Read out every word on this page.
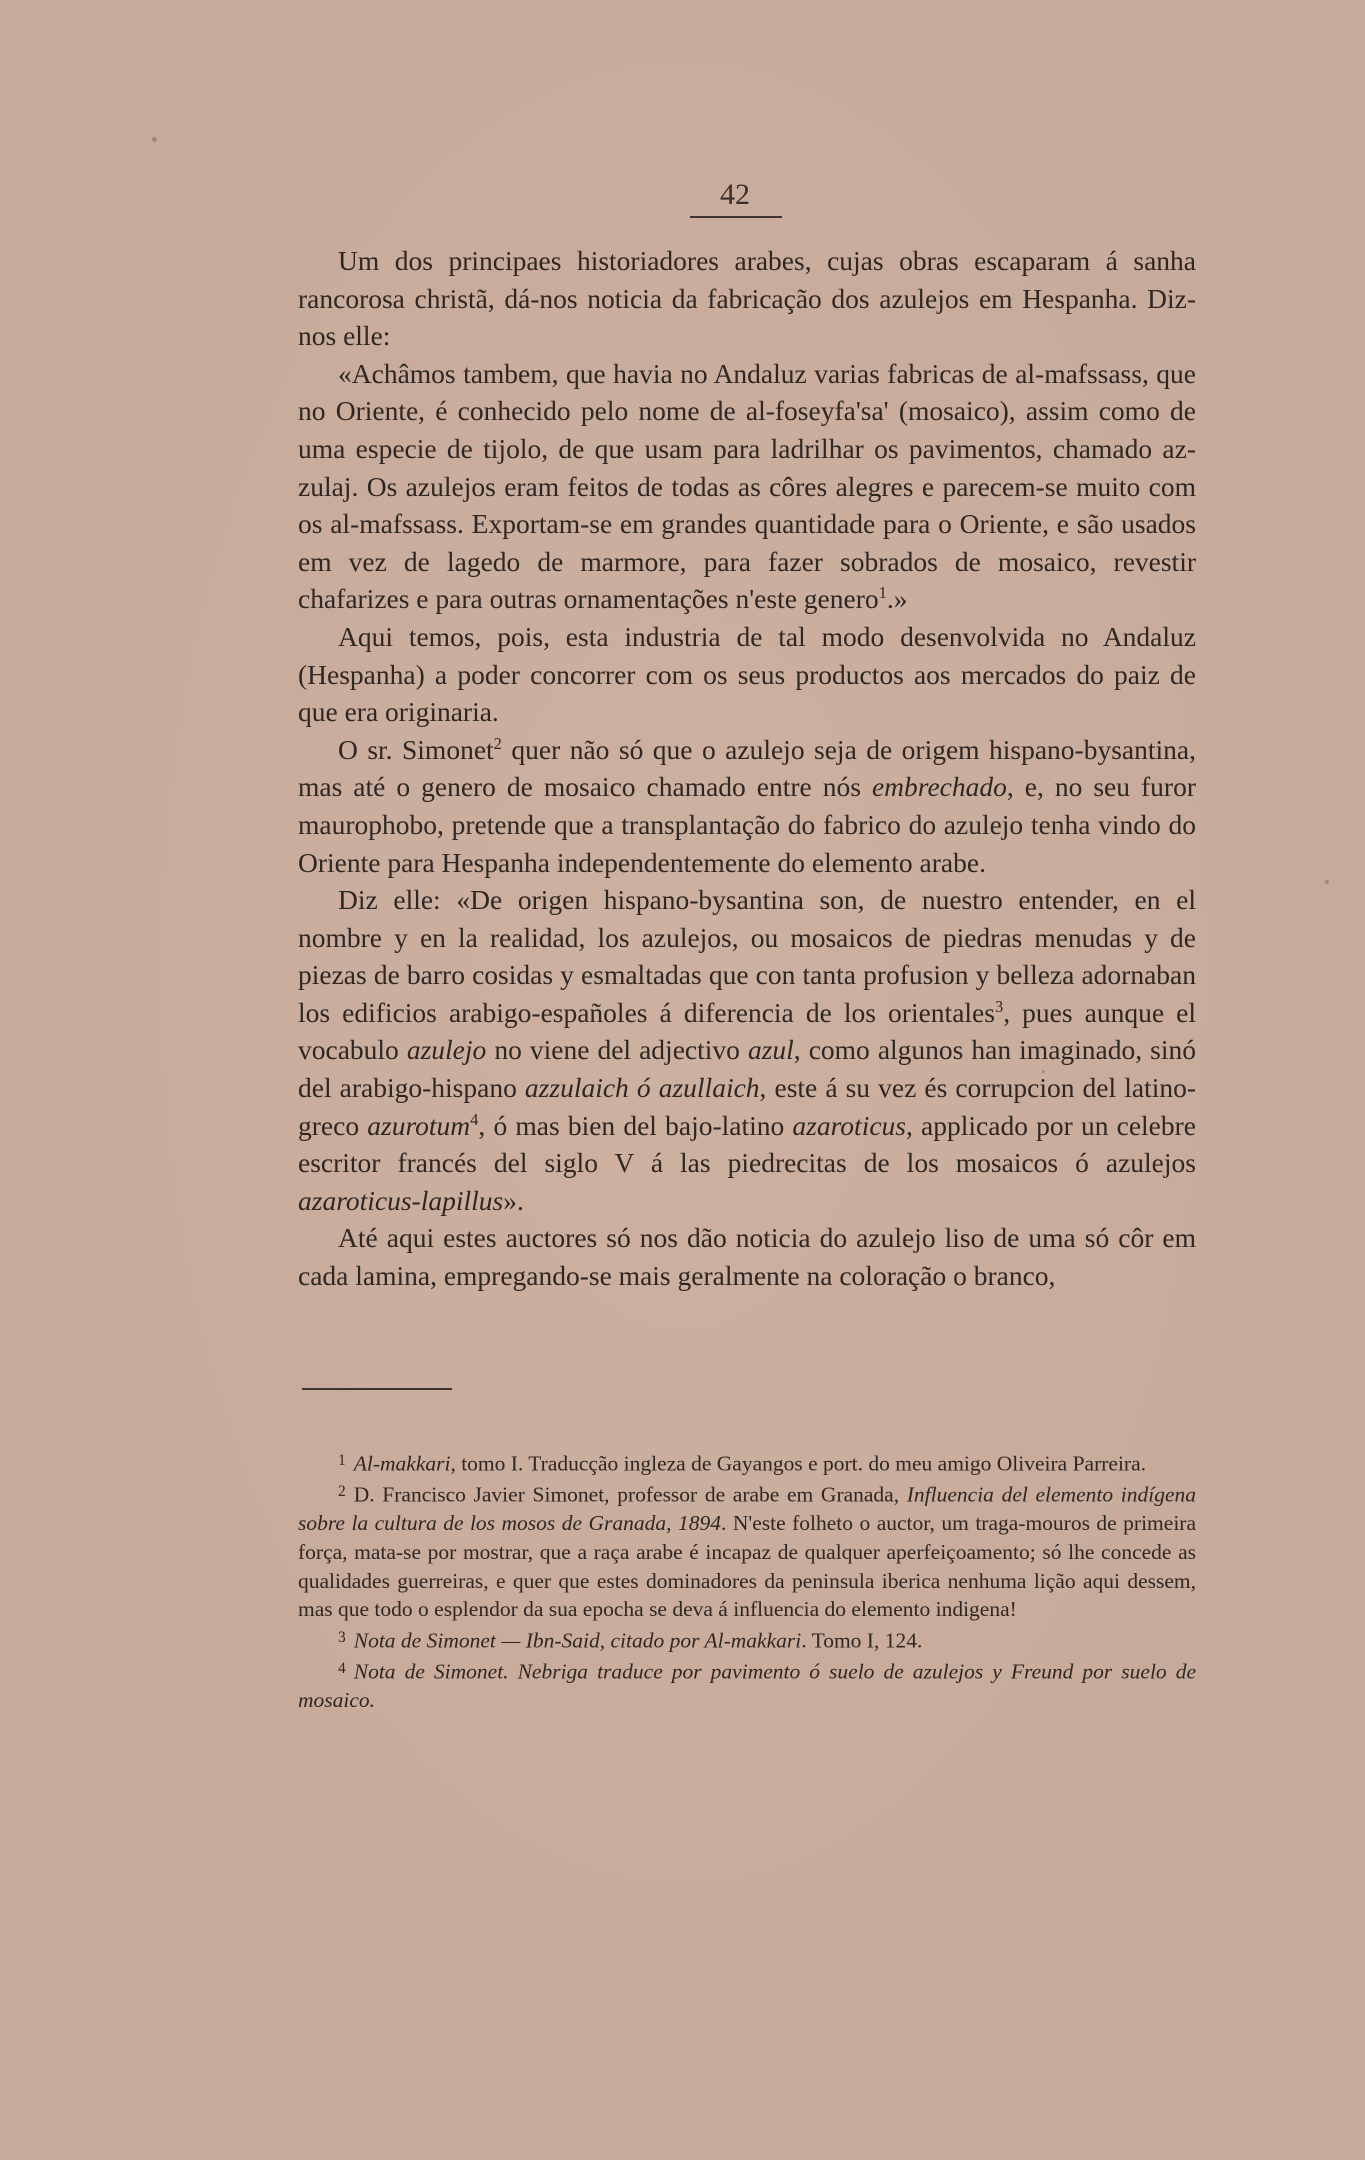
42

Um dos principaes historiadores arabes, cujas obras escaparam á sanha rancorosa christã, dá-nos noticia da fabricação dos azulejos em Hespanha. Diz-nos elle:

«Achâmos tambem, que havia no Andaluz varias fabricas de al-mafssass, que no Oriente, é conhecido pelo nome de al-foseyfa'sa' (mosaico), assim como de uma especie de tijolo, de que usam para ladrilhar os pavimentos, chamado az-zulaj. Os azulejos eram feitos de todas as côres alegres e parecem-se muito com os al-mafssass. Exportam-se em grandes quantidade para o Oriente, e são usados em vez de lagedo de marmore, para fazer sobrados de mosaico, revestir chafarizes e para outras ornamentações n'este genero$^1$.»

Aqui temos, pois, esta industria de tal modo desenvolvida no Andaluz (Hespanha) a poder concorrer com os seus productos aos mercados do paiz de que era originaria.

O sr. Simonet$^2$ quer não só que o azulejo seja de origem hispano-bysantina, mas até o genero de mosaico chamado entre nós embrechado, e, no seu furor maurophobo, pretende que a transplantação do fabrico do azulejo tenha vindo do Oriente para Hespanha independentemente do elemento arabe.

Diz elle: «De origen hispano-bysantina son, de nuestro entender, en el nombre y en la realidad, los azulejos, ou mosaicos de piedras menudas y de piezas de barro cosidas y esmaltadas que con tanta profusion y belleza adornaban los edificios arabigo-españoles á diferencia de los orientales$^3$, pues aunque el vocabulo azulejo no viene del adjectivo azul, como algunos han imaginado, sinó del arabigo-hispano azzulaich ó azullaich, este á su vez és corrupcion del latino-greco azurotum$^4$, ó mas bien del bajo-latino azaroticus, applicado por un celebre escritor francés del siglo V á las piedrecitas de los mosaicos ó azulejos azaroticus-lapillus».

Até aqui estes auctores só nos dão noticia do azulejo liso de uma só côr em cada lamina, empregando-se mais geralmente na coloração o branco,

$^1$ Al-makkari, tomo I. Traducção ingleza de Gayangos e port. do meu amigo Oliveira Parreira.

$^2$ D. Francisco Javier Simonet, professor de arabe em Granada, Influencia del elemento indígena sobre la cultura de los mosos de Granada, 1894. N'este folheto o auctor, um traga-mouros de primeira força, mata-se por mostrar, que a raça arabe é incapaz de qualquer aperfeiçoamento; só lhe concede as qualidades guerreiras, e quer que estes dominadores da peninsula iberica nenhuma lição aqui dessem, mas que todo o esplendor da sua epocha se deva á influencia do elemento indigena!

$^3$ Nota de Simonet — Ibn-Said, citado por Al-makkari. Tomo I, 124.

$^4$ Nota de Simonet. Nebriga traduce por pavimento ó suelo de azulejos y Freund por suelo de mosaico.
